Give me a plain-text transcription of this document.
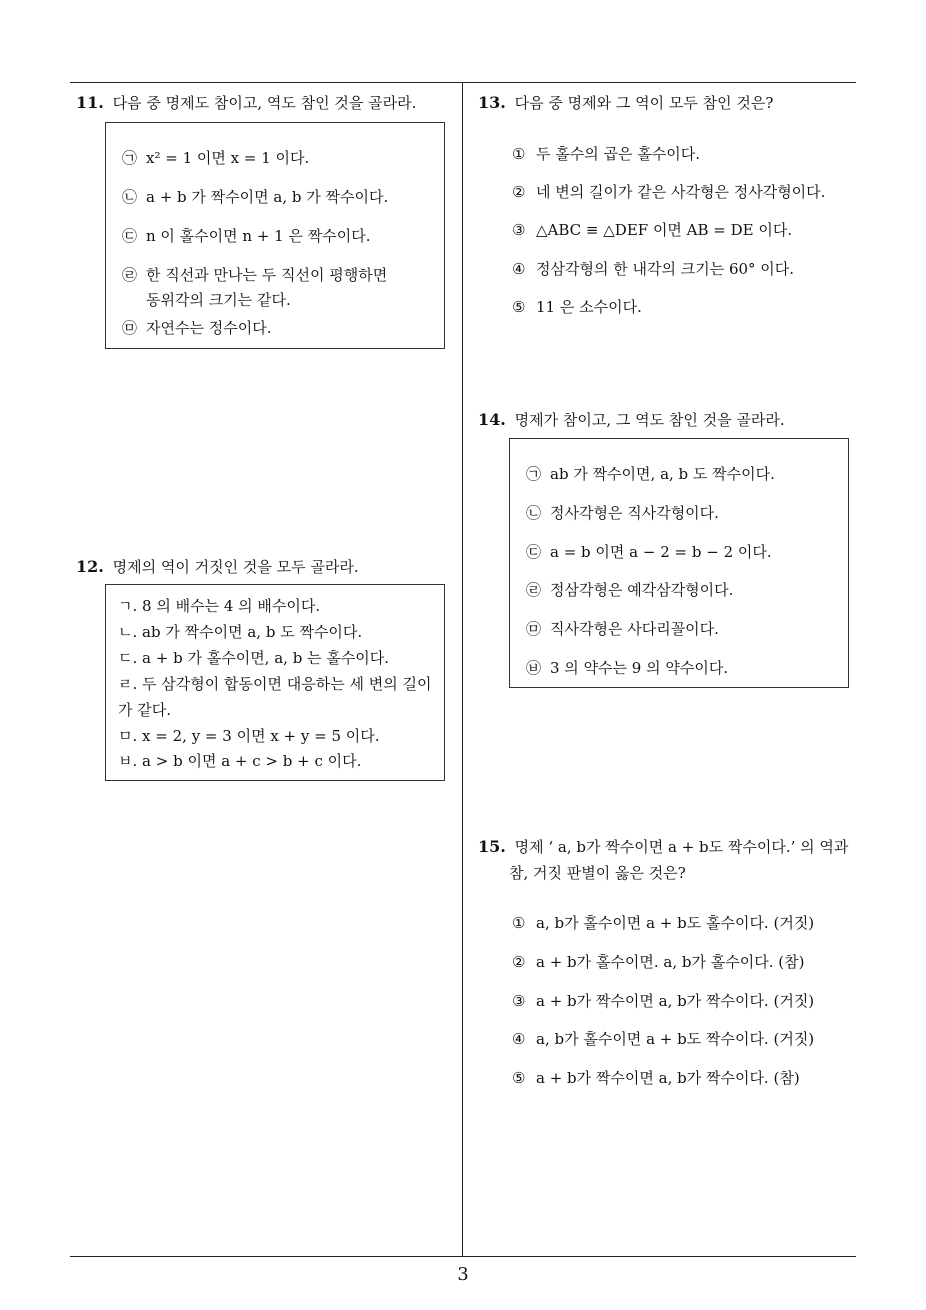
11. 다음 중 명제도 참이고, 역도 참인 것을 골라라.
㉠ x² = 1 이면 x = 1 이다.
㉡ a + b 가 짝수이면 a, b 가 짝수이다.
㉢ n 이 홀수이면 n + 1 은 짝수이다.
㉣ 한 직선과 만나는 두 직선이 평행하면
동위각의 크기는 같다.
㉤ 자연수는 정수이다.
12. 명제의 역이 거짓인 것을 모두 골라라.
ㄱ. 8 의 배수는 4 의 배수이다.
ㄴ. ab 가 짝수이면 a, b 도 짝수이다.
ㄷ. a + b 가 홀수이면, a, b 는 홀수이다.
ㄹ. 두 삼각형이 합동이면 대응하는 세 변의 길이
가 같다.
ㅁ. x = 2, y = 3 이면 x + y = 5 이다.
ㅂ. a > b 이면 a + c > b + c 이다.
13. 다음 중 명제와 그 역이 모두 참인 것은?
① 두 홀수의 곱은 홀수이다.
② 네 변의 길이가 같은 사각형은 정사각형이다.
③ △ABC ≡ △DEF 이면 AB = DE 이다.
④ 정삼각형의 한 내각의 크기는 60° 이다.
⑤ 11 은 소수이다.
14. 명제가 참이고, 그 역도 참인 것을 골라라.
㉠ ab 가 짝수이면, a, b 도 짝수이다.
㉡ 정사각형은 직사각형이다.
㉢ a = b 이면 a − 2 = b − 2 이다.
㉣ 정삼각형은 예각삼각형이다.
㉤ 직사각형은 사다리꼴이다.
㉥ 3 의 약수는 9 의 약수이다.
15. 명제 ‘ a, b가 짝수이면 a + b도 짝수이다.’ 의 역과
참, 거짓 판별이 옳은 것은?
① a, b가 홀수이면 a + b도 홀수이다. (거짓)
② a + b가 홀수이면. a, b가 홀수이다. (참)
③ a + b가 짝수이면 a, b가 짝수이다. (거짓)
④ a, b가 홀수이면 a + b도 짝수이다. (거짓)
⑤ a + b가 짝수이면 a, b가 짝수이다. (참)
3
